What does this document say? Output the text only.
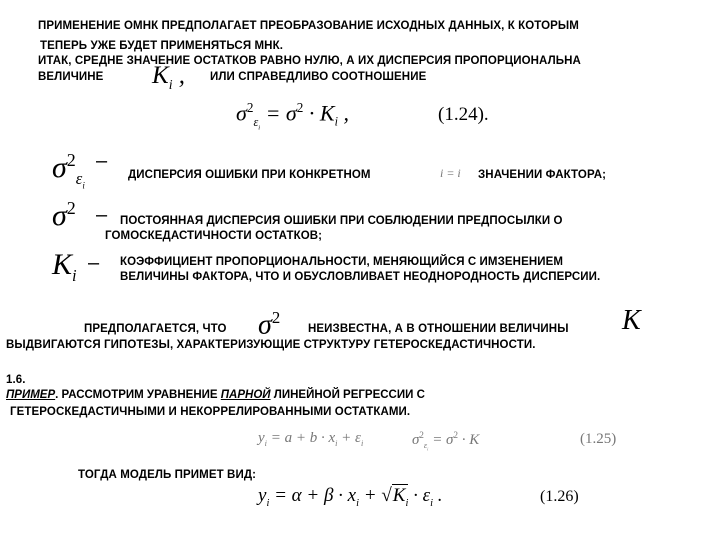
ПРИМЕНЕНИЕ ОМНК ПРЕДПОЛАГАЕТ ПРЕОБРАЗОВАНИЕ ИСХОДНЫХ ДАННЫХ, К КОТОРЫМ
ТЕПЕРЬ УЖЕ БУДЕТ ПРИМЕНЯТЬСЯ МНК.
ИТАК, СРЕДНЕ ЗНАЧЕНИЕ ОСТАТКОВ РАВНО НУЛЮ, А ИХ ДИСПЕРСИЯ ПРОПОРЦИОНАЛЬНА
ВЕЛИЧИНЕ $K_i$ , ИЛИ СПРАВЕДЛИВО СООТНОШЕНИЕ
$\sigma^2_{\varepsilon_i} = \sigma^2 \cdot K_i$ ,	(1.24).
$\sigma^2_{\varepsilon_i}$
–
ДИСПЕРСИЯ ОШИБКИ ПРИ КОНКРЕТНОМ	i = i ЗНАЧЕНИИ ФАКТОРА;
$\sigma^2$ – ПОСТОЯННАЯ ДИСПЕРСИЯ ОШИБКИ ПРИ СОБЛЮДЕНИИ ПРЕДПОСЫЛКИ О
ГОМОСКЕДАСТИЧНОСТИ ОСТАТКОВ;
$K_i$
– КОЭФФИЦИЕНТ ПРОПОРЦИОНАЛЬНОСТИ, МЕНЯЮЩИЙСЯ С ИМЗЕНЕНИЕМ
ВЕЛИЧИНЫ ФАКТОРА, ЧТО И ОБУСЛОВЛИВАЕТ НЕОДНОРОДНОСТЬ ДИСПЕРСИИ.
ПРЕДПОЛАГАЕТСЯ, ЧТО $\sigma^2$
НЕИЗВЕСТНА, А В ОТНОШЕНИИ ВЕЛИЧИНЫ K
ВЫДВИГАЮТСЯ ГИПОТЕЗЫ, ХАРАКТЕРИЗУЮЩИЕ СТРУКТУРУ ГЕТЕРОСКЕДАСТИЧНОСТИ.
1.6.
ПРИМЕР. РАССМОТРИМ УРАВНЕНИЕ ПАРНОЙ ЛИНЕЙНОЙ РЕГРЕССИИ С
ГЕТЕРОСКЕДАСТИЧНЫМИ И НЕКОРРЕЛИРОВАННЫМИ ОСТАТКАМИ.
$y_i = a + b \cdot x_i + \varepsilon_i$	$\sigma^2_{\varepsilon_i} = \sigma^2 \cdot K$	(1.25)
ТОГДА МОДЕЛЬ ПРИМЕТ ВИД:
$y_i = \alpha + \beta \cdot x_i + √K_i \cdot \varepsilon_i$ .	(1.26)
